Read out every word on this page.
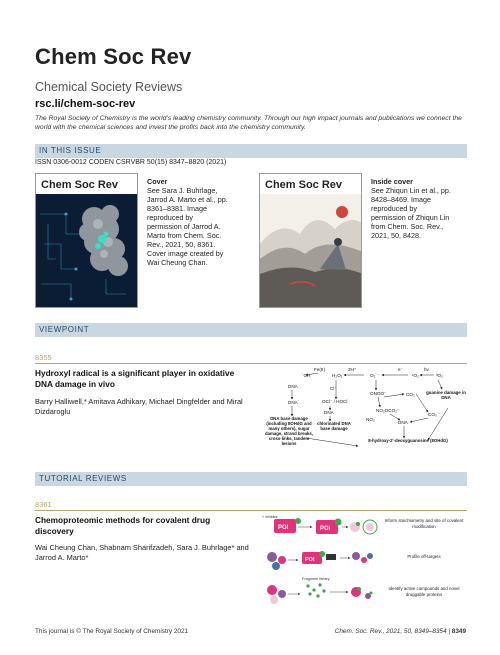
Chem Soc Rev
Chemical Society Reviews
rsc.li/chem-soc-rev
The Royal Society of Chemistry is the world's leading chemistry community. Through our high impact journals and publications we connect the world with the chemical sciences and invest the profits back into the chemistry community.
IN THIS ISSUE
ISSN 0306-0012 CODEN CSRVBR 50(15) 8347–8820 (2021)
Chem Soc Rev	Cover
See Sara J. Buhrlage, Jarrod A. Marto et al., pp. 8361–8381. Image reproduced by permission of Jarrod A. Marto from Chem. Soc. Rev., 2021, 50, 8361. Cover image created by Wai Cheung Chan.
Chem Soc Rev	Inside cover
See Zhiqun Lin et al., pp. 8428–8469. Image reproduced by permission of Zhiqun Lin from Chem. Soc. Rev., 2021, 50, 8428.
VIEWPOINT
8355
Hydroxyl radical is a significant player in oxidative DNA damage in vivo
Barry Halliwell,* Amitava Adhikary, Michael Dingfelder and Miral Dizdaroglu
Fe(II)
H₂O₂
2H⁺
O₂˙⁻
e⁻
¹O₂
hν
³O₂
˙OH
DNA
DNA˙
Cl⁻
OCl⁻ / HOCl
DNA
ONOO⁻	CO₂
NO₂˙
NO₂OCO₂⁻
CO₃˙⁻
DNA
guanine damage in DNA
DNA base damage (including 8OHdG and many others), sugar damage, strand breaks, cross-links, tandem lesions
chlorinated DNA base damage
8-hydroxy-2'-deoxyguanosine (8OHdG)
TUTORIAL REVIEWS
8361
Chemoproteomic methods for covalent drug discovery
Wai Cheung Chan, Shabnam Sharifzadeh, Sara J. Buhrlage* and Jarrod A. Marto*
POI
+ inhibitor
POI
Inform stoichiometry and site of covalent modification
POI
Profile off-targets
Fragment library
Identify active compounds and novel druggable proteins
This journal is © The Royal Society of Chemistry 2021	Chem. Soc. Rev., 2021, 50, 8349–8354 | 8349
